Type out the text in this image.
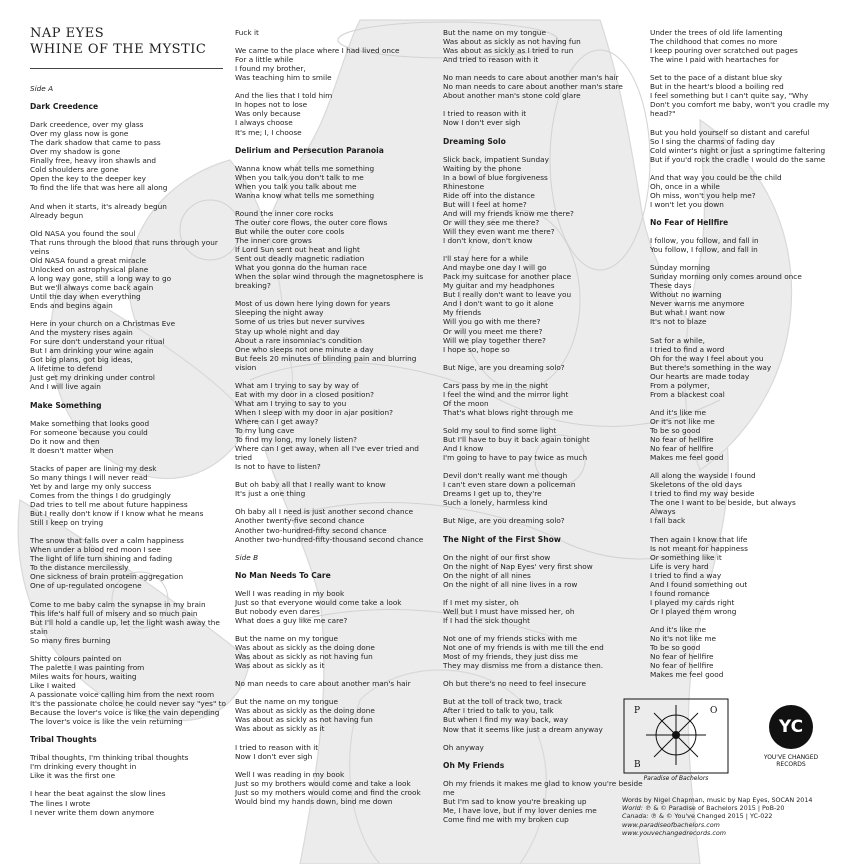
NAP EYES
WHINE OF THE MYSTIC
Side A
Dark Creedence
Dark creedence, over my glass
Over my glass now is gone
The dark shadow that came to pass
Over my shadow is gone
Finally free, heavy iron shawls and
Cold shoulders are gone
Open the key to the deeper key
To find the life that was here all along
And when it starts, it's already begun
Already begun
Old NASA you found the soul
That runs through the blood that runs through your
veins
Old NASA found a great miracle
Unlocked on astrophysical plane
A long way gone, still a long way to go
But we'll always come back again
Until the day when everything
Ends and begins again
Here in your church on a Christmas Eve
And the mystery rises again
For sure don't understand your ritual
But I am drinking your wine again
Got big plans, got big ideas,
A lifetime to defend
Just get my drinking under control
And I will live again
Make Something
Make something that looks good
For someone because you could
Do it now and then
It doesn't matter when
Stacks of paper are lining my desk
So many things I will never read
Yet by and large my only success
Comes from the things I do grudgingly
Dad tries to tell me about future happiness
But I really don't know if I know what he means
Still I keep on trying
The snow that falls over a calm happiness
When under a blood red moon I see
The light of life turn shining and fading
To the distance mercilessly
One sickness of brain protein aggregation
One of up-regulated oncogene
Come to me baby calm the synapse in my brain
This life's half full of misery and so much pain
But I'll hold a candle up, let the light wash away the
stain
So many fires burning
Shitty colours painted on
The palette I was painting from
Miles waits for hours, waiting
Like I waited
A passionate voice calling him from the next room
It's the passionate choice he could never say "yes" to
Because the lover's voice is like the vain depending
The lover's voice is like the vein returning
Tribal Thoughts
Tribal thoughts, I'm thinking tribal thoughts
I'm drinking every thought in
Like it was the first one
I hear the beat against the slow lines
The lines I wrote
I never write them down anymore
Fuck it
We came to the place where I had lived once
For a little while
I found my brother,
Was teaching him to smile
And the lies that I told him
In hopes not to lose
Was only because
I always choose
It's me; I, I choose
Delirium and Persecution Paranoia
Wanna know what tells me something
When you talk you don't talk to me
When you talk you talk about me
Wanna know what tells me something
Round the inner core rocks
The outer core flows, the outer core flows
But while the outer core cools
The inner core grows
If Lord Sun sent out heat and light
Sent out deadly magnetic radiation
What you gonna do the human race
When the solar wind through the magnetosphere is
breaking?
Most of us down here lying down for years
Sleeping the night away
Some of us tries but never survives
Stay up whole night and day
About a rare insomniac's condition
One who sleeps not one minute a day
But feels 20 minutes of blinding pain and blurring
vision
What am I trying to say by way of
Eat with my door in a closed position?
What am I trying to say to you
When I sleep with my door in ajar position?
Where can I get away?
To my lung cave
To find my long, my lonely listen?
Where can I get away, when all I've ever tried and
tried
Is not to have to listen?
But oh baby all that I really want to know
It's just a one thing
Oh baby all I need is just another second chance
Another twenty-five second chance
Another two-hundred-fifty second chance
Another two-hundred-fifty-thousand second chance
Side B
No Man Needs To Care
Well I was reading in my book
Just so that everyone would come take a look
But nobody even dares
What does a guy like me care?
But the name on my tongue
Was about as sickly as the doing done
Was about as sickly as not having fun
Was about as sickly as it
No man needs to care about another man's hair
But the name on my tongue
Was about as sickly as the doing done
Was about as sickly as not having fun
Was about as sickly as it
I tried to reason with it
Now I don't ever sigh
Well I was reading in my book
Just so my brothers would come and take a look
Just so my mothers would come and find the crook
Would bind my hands down, bind me down
But the name on my tongue
Was about as sickly as not having fun
Was about as sickly as I tried to run
And tried to reason with it
No man needs to care about another man's hair
No man needs to care about another man's stare
About another man's stone cold glare
I tried to reason with it
Now I don't ever sigh
Dreaming Solo
Slick back, impatient Sunday
Waiting by the phone
In a bowl of blue forgiveness
Rhinestone
Ride off into the distance
But will I feel at home?
And will my friends know me there?
Or will they see me there?
Will they even want me there?
I don't know, don't know
I'll stay here for a while
And maybe one day I will go
Pack my suitcase for another place
My guitar and my headphones
But I really don't want to leave you
And I don't want to go it alone
My friends
Will you go with me there?
Or will you meet me there?
Will we play together there?
I hope so, hope so
But Nige, are you dreaming solo?
Cars pass by me in the night
I feel the wind and the mirror light
Of the moon
That's what blows right through me
Sold my soul to find some light
But I'll have to buy it back again tonight
And I know
I'm going to have to pay twice as much
Devil don't really want me though
I can't even stare down a policeman
Dreams I get up to, they're
Such a lonely, harmless kind
But Nige, are you dreaming solo?
The Night of the First Show
On the night of our first show
On the night of Nap Eyes' very first show
On the night of all nines
On the night of all nine lives in a row
If I met my sister, oh
Well but I must have missed her, oh
If I had the sick thought
Not one of my friends sticks with me
Not one of my friends is with me till the end
Most of my friends, they just diss me
They may dismiss me from a distance then.
Oh but there's no need to feel insecure
But at the toll of track two, track
After I tried to talk to you, talk
But when I find my way back, way
Now that it seems like just a dream anyway
Oh anyway
Oh My Friends
Oh my friends it makes me glad to know you're beside
me
But I'm sad to know you're breaking up
Me, I have love, but if my lover denies me
Come find me with my broken cup
Under the trees of old life lamenting
The childhood that comes no more
I keep pouring over scratched out pages
The wine I paid with heartaches for
Set to the pace of a distant blue sky
But in the heart's blood a boiling red
I feel something but I can't quite say, "Why
Don't you comfort me baby, won't you cradle my
head?"
But you hold yourself so distant and careful
So I sing the charms of fading day
Cold winter's night or just a springtime faltering
But if you'd rock the cradle I would do the same
And that way you could be the child
Oh, once in a while
Oh miss, won't you help me?
I won't let you down
No Fear of Hellfire
I follow, you follow, and fall in
You follow, I follow, and fall in
Sunday morning
Sunday morning only comes around once
These days
Without no warning
Never warns me anymore
But what I want now
It's not to blaze
Sat for a while,
I tried to find a word
Oh for the way I feel about you
But there's something in the way
Our hearts are made today
From a polymer,
From a blackest coal
And it's like me
Or it's not like me
To be so good
No fear of hellfire
No fear of hellfire
Makes me feel good
All along the wayside I found
Skeletons of the old days
I tried to find my way beside
The one I want to be beside, but always
Always
I fall back
Then again I know that life
Is not meant for happiness
Or something like it
Life is very hard
I tried to find a way
And I found something out
I found romance
I played my cards right
Or I played them wrong
And it's like me
No it's not like me
To be so good
No fear of hellfire
No fear of hellfire
Makes me feel good
P	O
B
Paradise of Bachelors
YC
YOU'VE CHANGED
RECORDS
Words by Nigel Chapman, music by Nap Eyes, SOCAN 2014
World: ℗ & © Paradise of Bachelors 2015 | PoB-20
Canada: ℗ & © You've Changed 2015 | YC-022
www.paradiseofbachelors.com
www.youvechangedrecords.com
